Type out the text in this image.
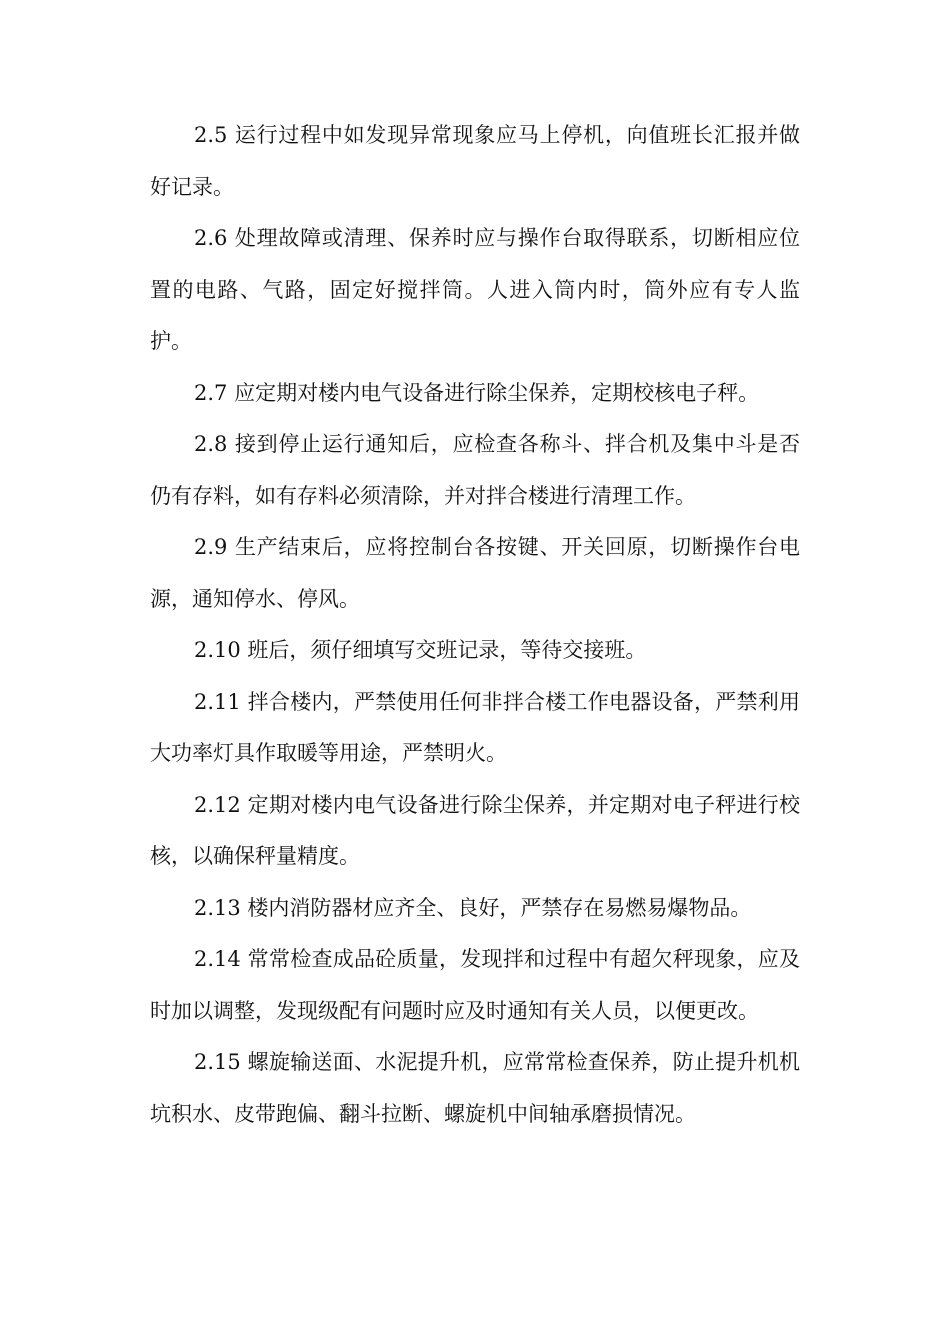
2.5 运行过程中如发现异常现象应马上停机，向值班长汇报并做好记录。

2.6 处理故障或清理、保养时应与操作台取得联系，切断相应位置的电路、气路，固定好搅拌筒。人进入筒内时，筒外应有专人监护。

2.7 应定期对楼内电气设备进行除尘保养，定期校核电子秤。

2.8 接到停止运行通知后，应检查各称斗、拌合机及集中斗是否仍有存料，如有存料必须清除，并对拌合楼进行清理工作。

2.9 生产结束后，应将控制台各按键、开关回原，切断操作台电源，通知停水、停风。

2.10 班后，须仔细填写交班记录，等待交接班。

2.11 拌合楼内，严禁使用任何非拌合楼工作电器设备，严禁利用大功率灯具作取暖等用途，严禁明火。

2.12 定期对楼内电气设备进行除尘保养，并定期对电子秤进行校核，以确保秤量精度。

2.13 楼内消防器材应齐全、良好，严禁存在易燃易爆物品。

2.14 常常检查成品砼质量，发现拌和过程中有超欠秤现象，应及时加以调整，发现级配有问题时应及时通知有关人员，以便更改。

2.15 螺旋输送面、水泥提升机，应常常检查保养，防止提升机机坑积水、皮带跑偏、翻斗拉断、螺旋机中间轴承磨损情况。
